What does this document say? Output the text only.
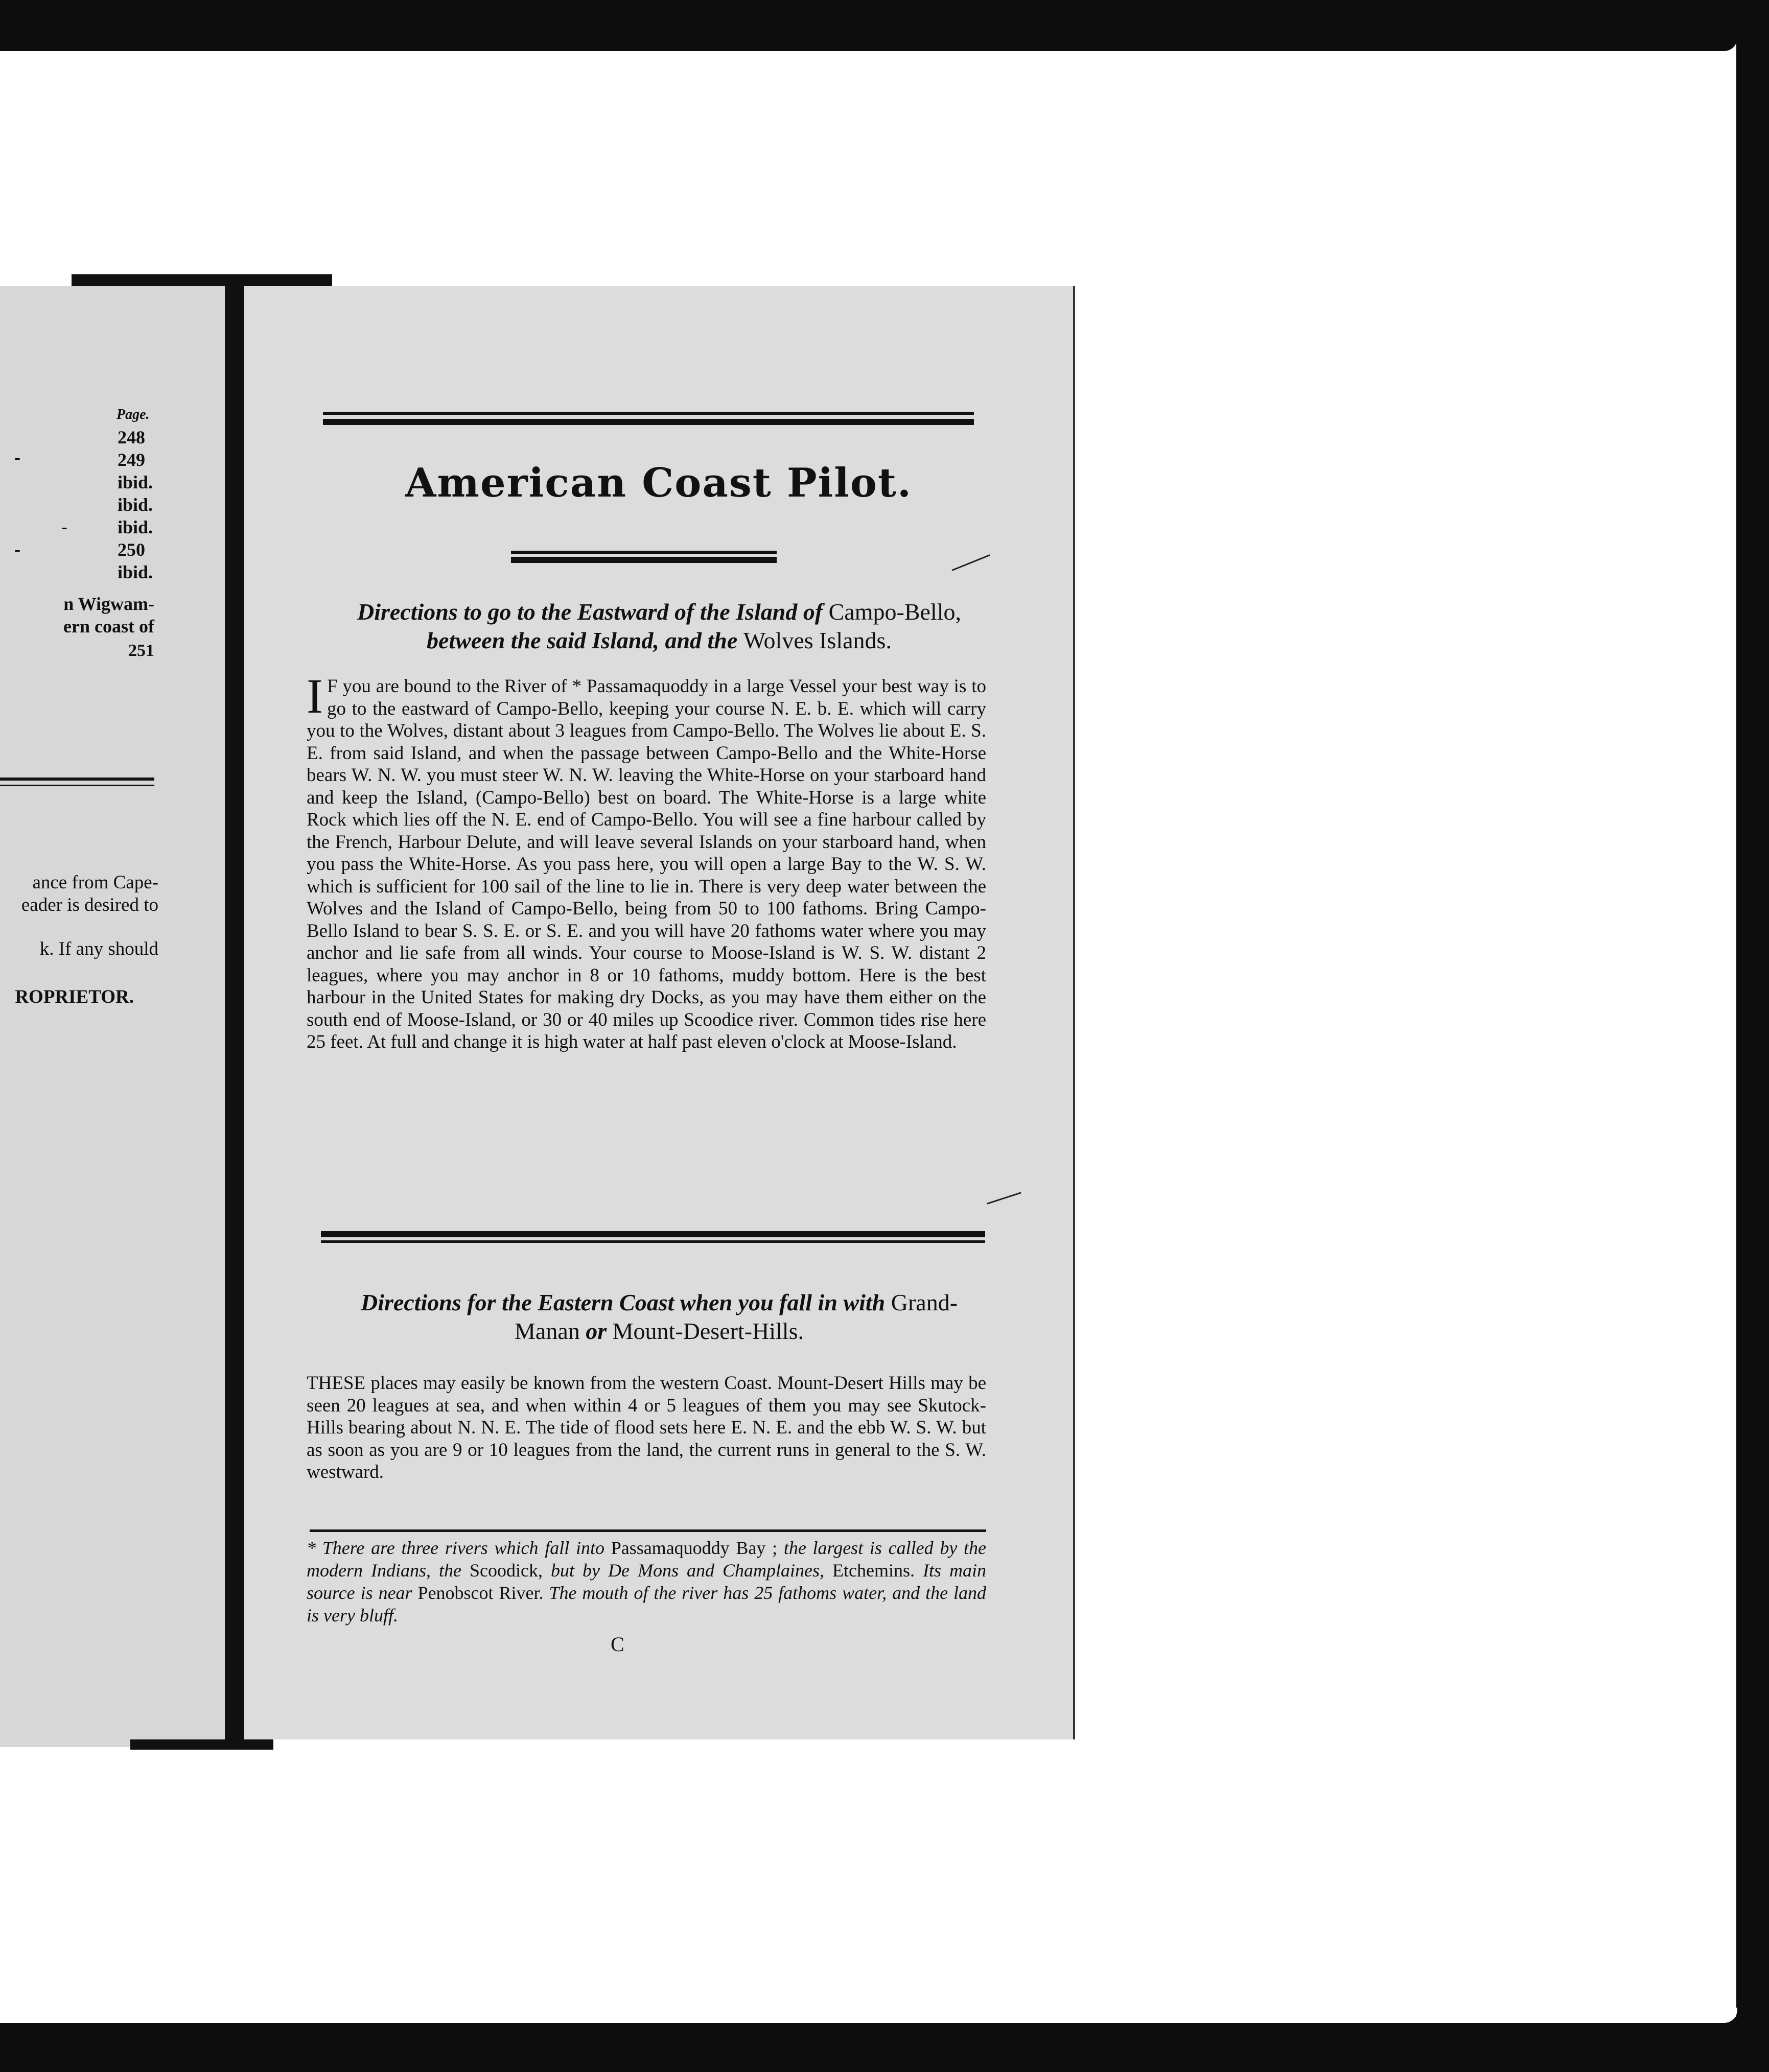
Page.
248
249
ibid.
ibid.
ibid.
250
ibid.
-
-
-
n Wigwam-
ern coast of
251
ance from Cape-
eader is desired to
k. If any should
ROPRIETOR.
American Coast Pilot.
Directions to go to the Eastward of the Island of Campo-Bello,
between the said Island, and the Wolves Islands.
I F you are bound to the River of * Passamaquoddy in a large Vessel your best way is to go to the eastward of Campo-Bello, keeping your course N. E. b. E. which will carry you to the Wolves, distant about 3 leagues from Campo-Bello. The Wolves lie about E. S. E. from said Island, and when the passage between Campo-Bello and the White-Horse bears W. N. W. you must steer W. N. W. leaving the White-Horse on your starboard hand and keep the Island, (Campo-Bello) best on board. The White-Horse is a large white Rock which lies off the N. E. end of Campo-Bello. You will see a fine harbour called by the French, Harbour Delute, and will leave several Islands on your starboard hand, when you pass the White-Horse. As you pass here, you will open a large Bay to the W. S. W. which is sufficient for 100 sail of the line to lie in. There is very deep water between the Wolves and the Island of Campo-Bello, being from 50 to 100 fathoms. Bring Campo-Bello Island to bear S. S. E. or S. E. and you will have 20 fathoms water where you may anchor and lie safe from all winds. Your course to Moose-Island is W. S. W. distant 2 leagues, where you may anchor in 8 or 10 fathoms, muddy bottom. Here is the best harbour in the United States for making dry Docks, as you may have them either on the south end of Moose-Island, or 30 or 40 miles up Scoodice river. Common tides rise here 25 feet. At full and change it is high water at half past eleven o'clock at Moose-Island.
Directions for the Eastern Coast when you fall in with Grand-
Manan or Mount-Desert-Hills.
THESE places may easily be known from the western Coast. Mount-Desert Hills may be seen 20 leagues at sea, and when within 4 or 5 leagues of them you may see Skutock-Hills bearing about N. N. E. The tide of flood sets here E. N. E. and the ebb W. S. W. but as soon as you are 9 or 10 leagues from the land, the current runs in general to the S. W. westward.
* There are three rivers which fall into Passamaquoddy Bay ; the largest is called by the modern Indians, the Scoodick, but by De Mons and Champlaines, Etchemins. Its main source is near Penobscot River. The mouth of the river has 25 fathoms water, and the land is very bluff.
C
